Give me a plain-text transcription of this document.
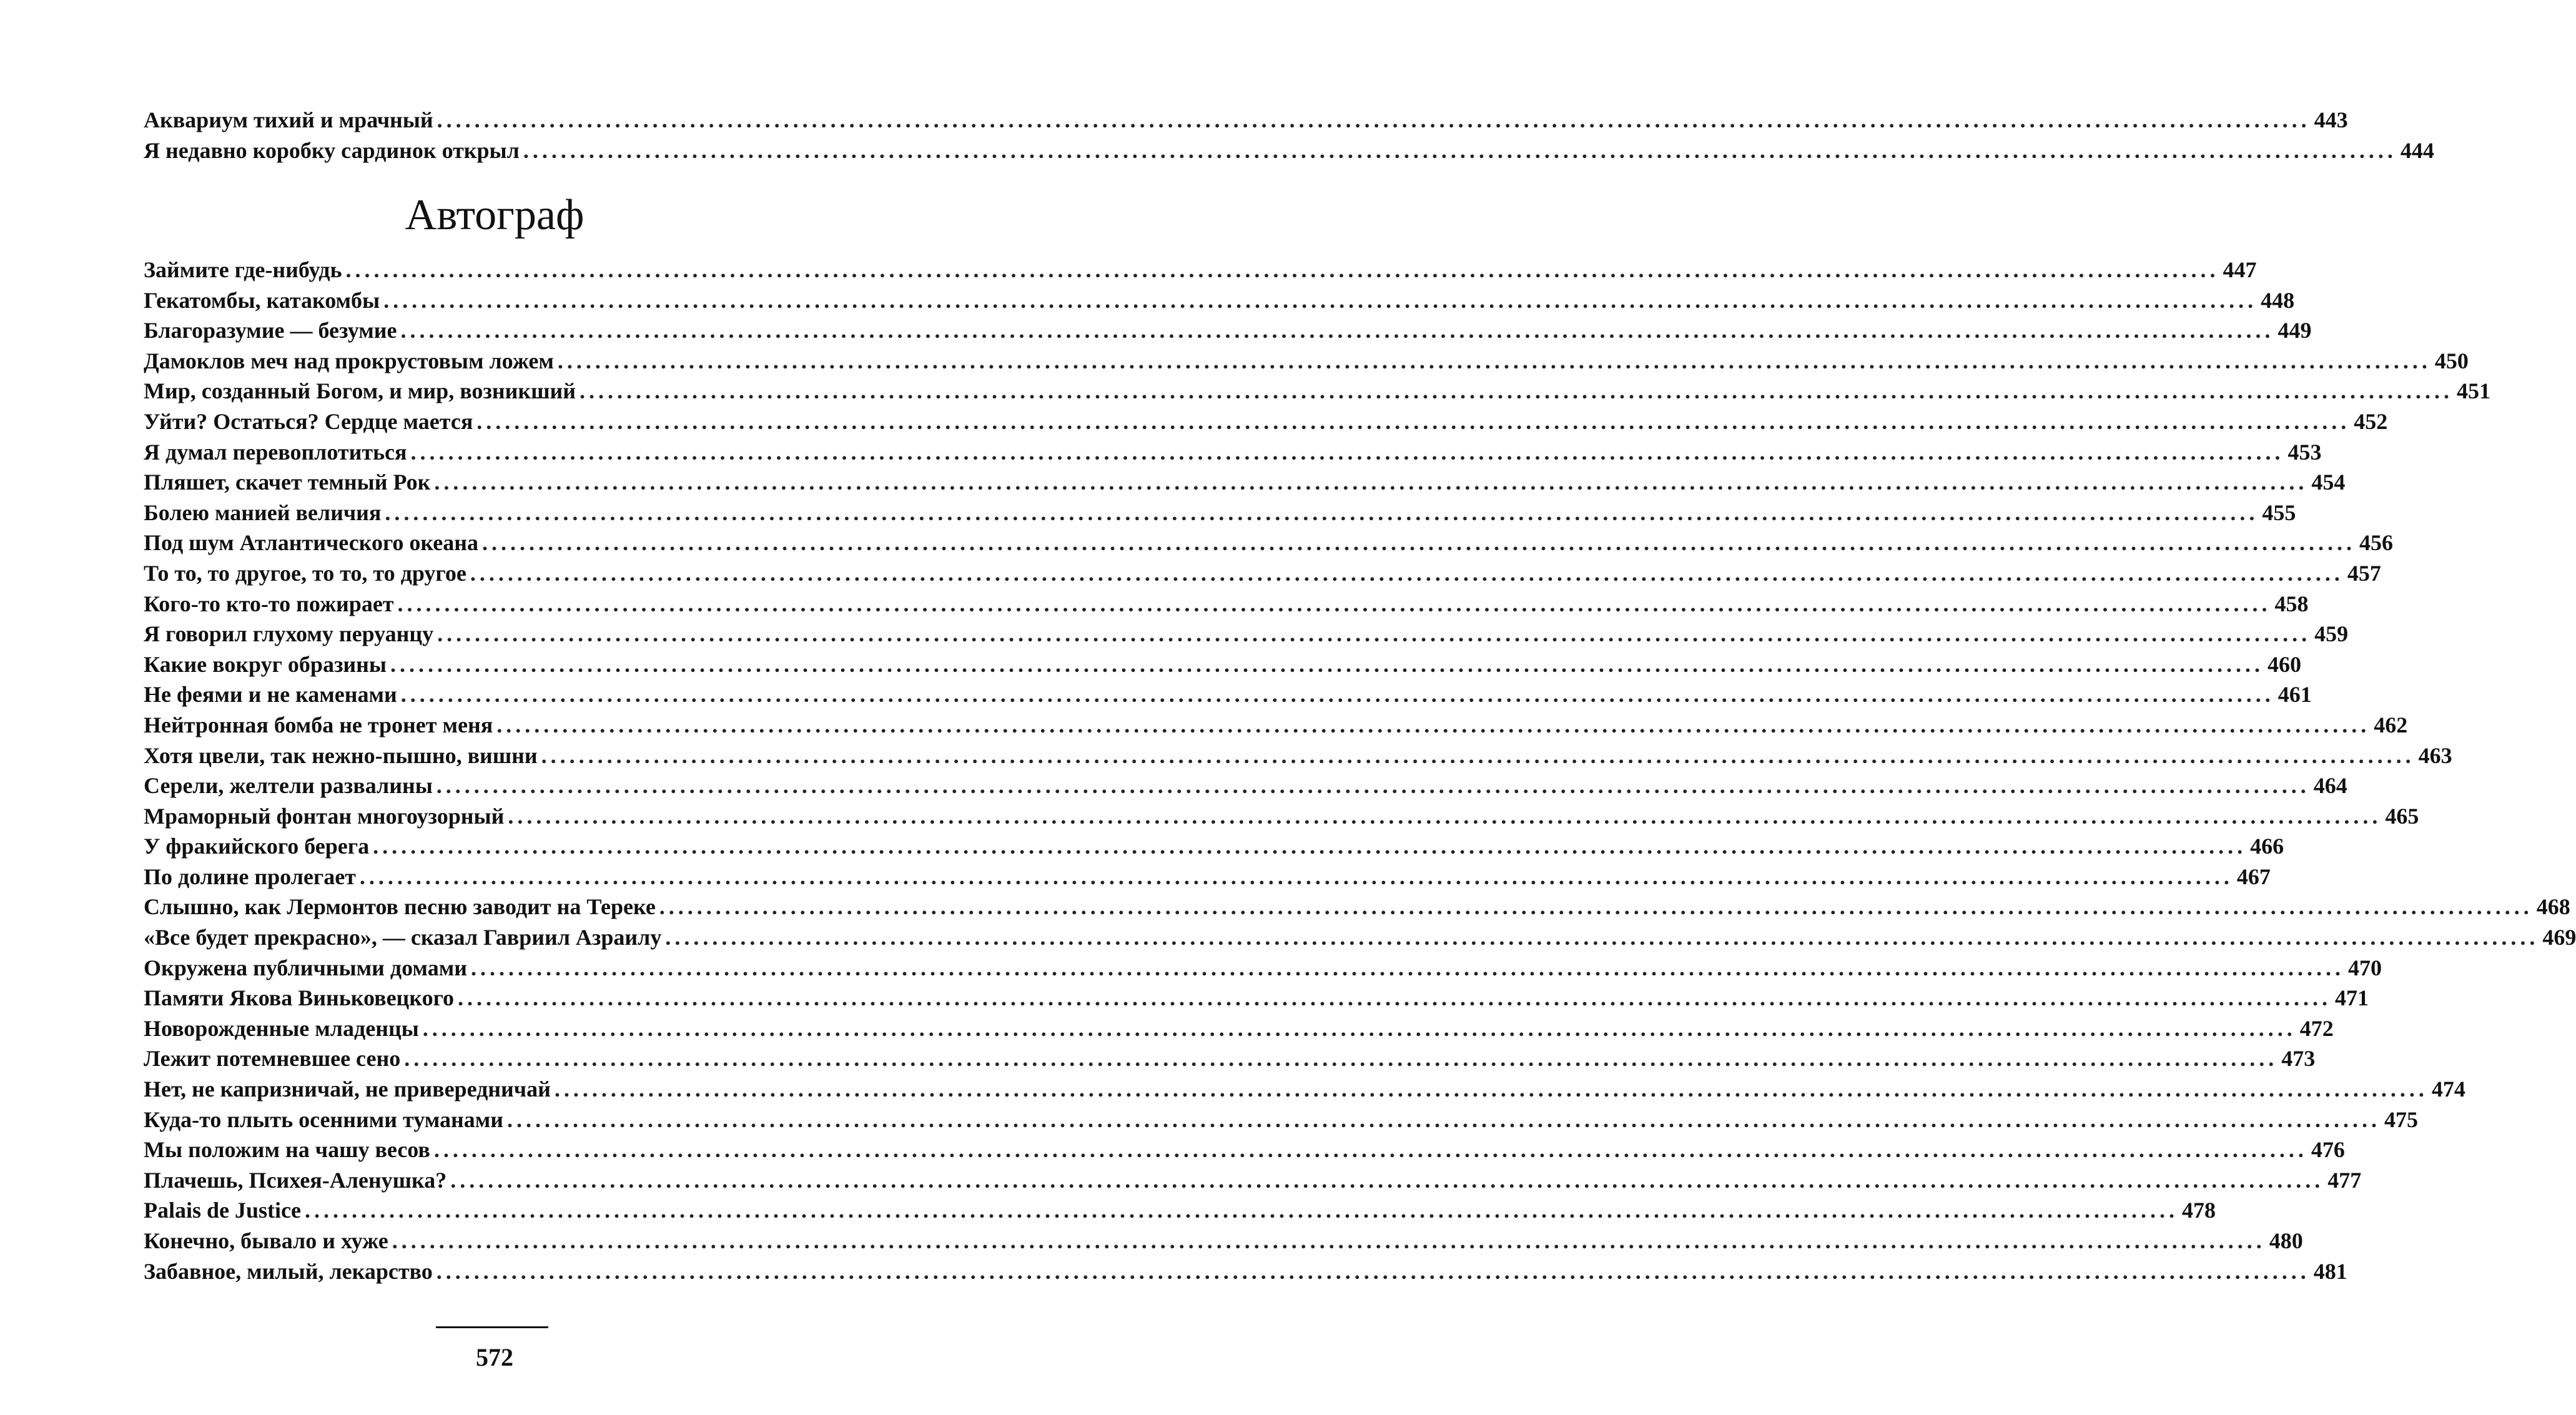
Аквариум тихий и мрачный ........................................................................................................................................................................................................ 443
Я недавно коробку сардинок открыл ........................................................................................................................................................................................................ 444
Автограф
Займите где-нибудь ........................................................................................................................................................................................................ 447
Гекатомбы, катакомбы ........................................................................................................................................................................................................ 448
Благоразумие — безумие ........................................................................................................................................................................................................ 449
Дамоклов меч над прокрустовым ложем ........................................................................................................................................................................................................ 450
Мир, созданный Богом, и мир, возникший ........................................................................................................................................................................................................ 451
Уйти? Остаться? Сердце мается ........................................................................................................................................................................................................ 452
Я думал перевоплотиться ........................................................................................................................................................................................................ 453
Пляшет, скачет темный Рок ........................................................................................................................................................................................................ 454
Болею манией величия ........................................................................................................................................................................................................ 455
Под шум Атлантического океана ........................................................................................................................................................................................................ 456
То то, то другое, то то, то другое ........................................................................................................................................................................................................ 457
Кого-то кто-то пожирает ........................................................................................................................................................................................................ 458
Я говорил глухому перуанцу ........................................................................................................................................................................................................ 459
Какие вокруг образины ........................................................................................................................................................................................................ 460
Не феями и не каменами ........................................................................................................................................................................................................ 461
Нейтронная бомба не тронет меня ........................................................................................................................................................................................................ 462
Хотя цвели, так нежно-пышно, вишни ........................................................................................................................................................................................................ 463
Серели, желтели развалины ........................................................................................................................................................................................................ 464
Мраморный фонтан многоузорный ........................................................................................................................................................................................................ 465
У фракийского берега ........................................................................................................................................................................................................ 466
По долине пролегает ........................................................................................................................................................................................................ 467
Слышно, как Лермонтов песню заводит на Тереке ........................................................................................................................................................................................................ 468
«Все будет прекрасно», — сказал Гавриил Азраилу ........................................................................................................................................................................................................ 469
Окружена публичными домами ........................................................................................................................................................................................................ 470
Памяти Якова Виньковецкого ........................................................................................................................................................................................................ 471
Новорожденные младенцы ........................................................................................................................................................................................................ 472
Лежит потемневшее сено ........................................................................................................................................................................................................ 473
Нет, не капризничай, не привередничай ........................................................................................................................................................................................................ 474
Куда-то плыть осенними туманами ........................................................................................................................................................................................................ 475
Мы положим на чашу весов ........................................................................................................................................................................................................ 476
Плачешь, Психея-Аленушка? ........................................................................................................................................................................................................ 477
Palais de Justice ........................................................................................................................................................................................................ 478
Конечно, бывало и хуже ........................................................................................................................................................................................................ 480
Забавное, милый, лекарство ........................................................................................................................................................................................................ 481
572
